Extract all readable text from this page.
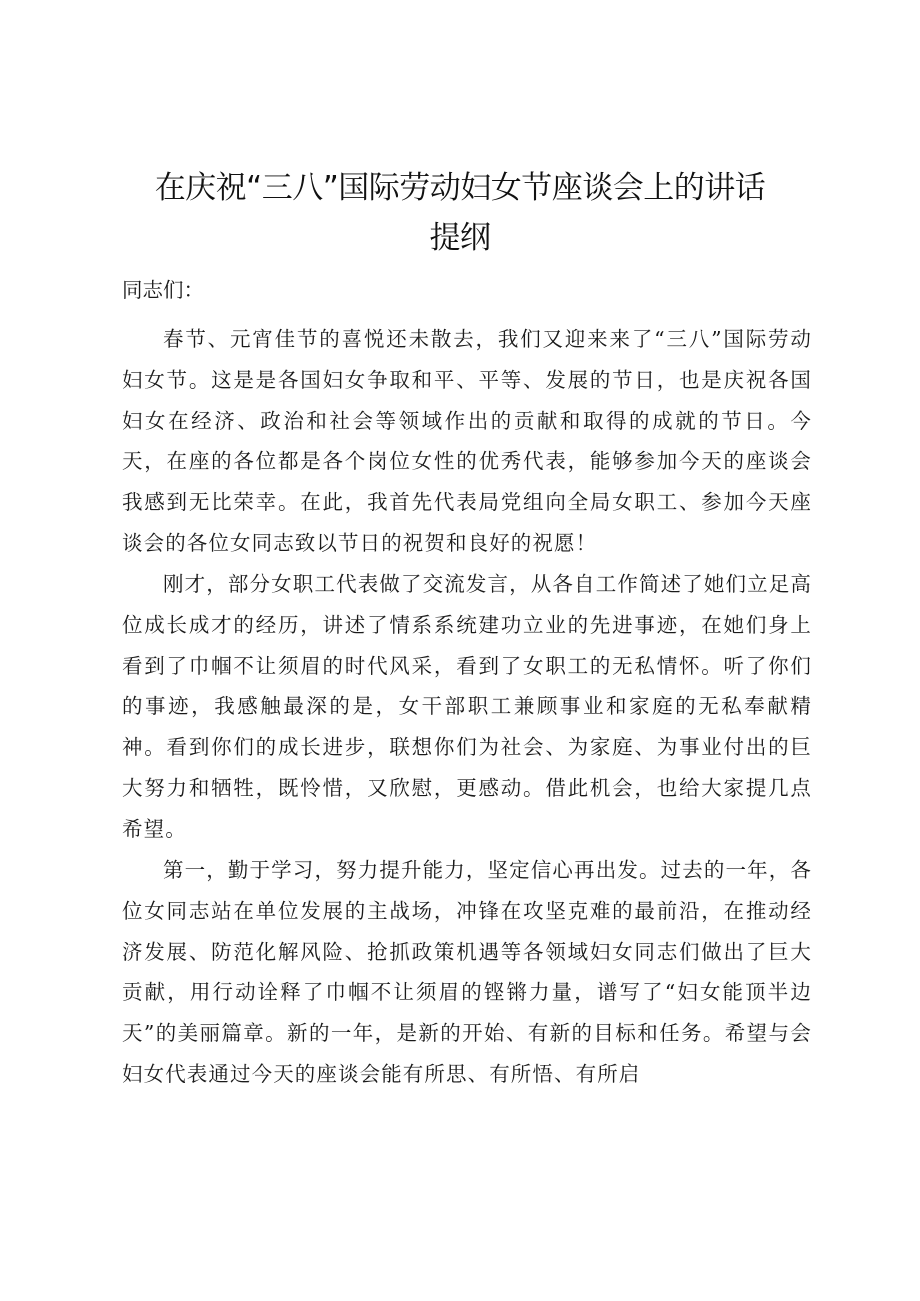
在庆祝“三八”国际劳动妇女节座谈会上的讲话
提纲

同志们：

春节、元宵佳节的喜悦还未散去，我们又迎来来了“三八”国际劳动妇女节。这是是各国妇女争取和平、平等、发展的节日，也是庆祝各国妇女在经济、政治和社会等领域作出的贡献和取得的成就的节日。今天，在座的各位都是各个岗位女性的优秀代表，能够参加今天的座谈会我感到无比荣幸。在此，我首先代表局党组向全局女职工、参加今天座谈会的各位女同志致以节日的祝贺和良好的祝愿！

刚才，部分女职工代表做了交流发言，从各自工作简述了她们立足高位成长成才的经历，讲述了情系系统建功立业的先进事迹，在她们身上看到了巾帼不让须眉的时代风采，看到了女职工的无私情怀。听了你们的事迹，我感触最深的是，女干部职工兼顾事业和家庭的无私奉献精神。看到你们的成长进步，联想你们为社会、为家庭、为事业付出的巨大努力和牺牲，既怜惜，又欣慰，更感动。借此机会，也给大家提几点希望。

第一，勤于学习，努力提升能力，坚定信心再出发。过去的一年，各位女同志站在单位发展的主战场，冲锋在攻坚克难的最前沿，在推动经济发展、防范化解风险、抢抓政策机遇等各领域妇女同志们做出了巨大贡献，用行动诠释了巾帼不让须眉的铿锵力量，谱写了“妇女能顶半边天”的美丽篇章。新的一年，是新的开始、有新的目标和任务。希望与会妇女代表通过今天的座谈会能有所思、有所悟、有所启
